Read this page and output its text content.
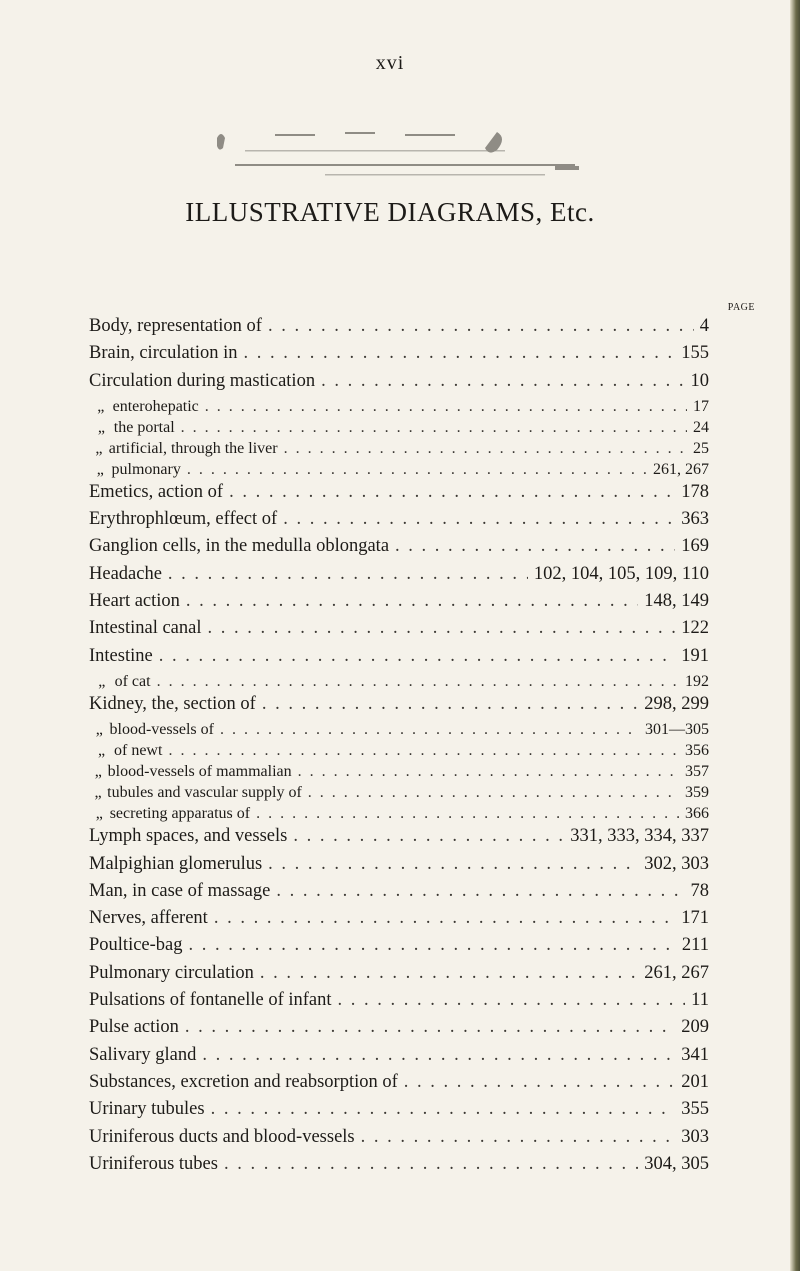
xvi
ILLUSTRATIVE DIAGRAMS, Etc.
PAGE
Body, representation of . . .	4
Brain, circulation in . . .	155
Circulation during mastication . . .	10
„ enterohepatic . . .	17
„ the portal . . .	24
„ artificial, through the liver . . .	25
„ pulmonary . . .	261, 267
Emetics, action of . . .	178
Erythrophlœum, effect of . . .	363
Ganglion cells, in the medulla oblongata . . .	169
Headache . . .	102, 104, 105, 109, 110
Heart action . . .	148, 149
Intestinal canal . . .	122
Intestine . . .	191
„ of cat . . .	192
Kidney, the, section of . . .	298, 299
„ blood-vessels of . . .	301—305
„ of newt . . .	356
„ blood-vessels of mammalian . . .	357
„ tubules and vascular supply of . . .	359
„ secreting apparatus of . . .	366
Lymph spaces, and vessels . . .	331, 333, 334, 337
Malpighian glomerulus . . .	302, 303
Man, in case of massage . . .	78
Nerves, afferent . . .	171
Poultice-bag . . .	211
Pulmonary circulation . . .	261, 267
Pulsations of fontanelle of infant . . .	11
Pulse action . . .	209
Salivary gland . . .	341
Substances, excretion and reabsorption of . . .	201
Urinary tubules . . .	355
Uriniferous ducts and blood-vessels . . .	303
Uriniferous tubes . . .	304, 305
